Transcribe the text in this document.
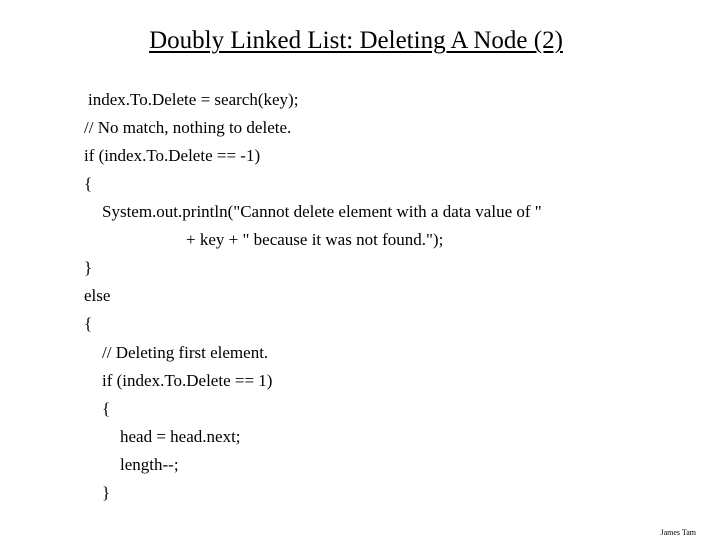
Doubly Linked List: Deleting A Node (2)
index.To.Delete = search(key);
// No match, nothing to delete.
if (index.To.Delete == -1)
{
System.out.println("Cannot delete element with a data value of "
+ key + " because it was not found.");
}
else
{
// Deleting first element.
if (index.To.Delete == 1)
{
head = head.next;
length--;
}
James Tam
